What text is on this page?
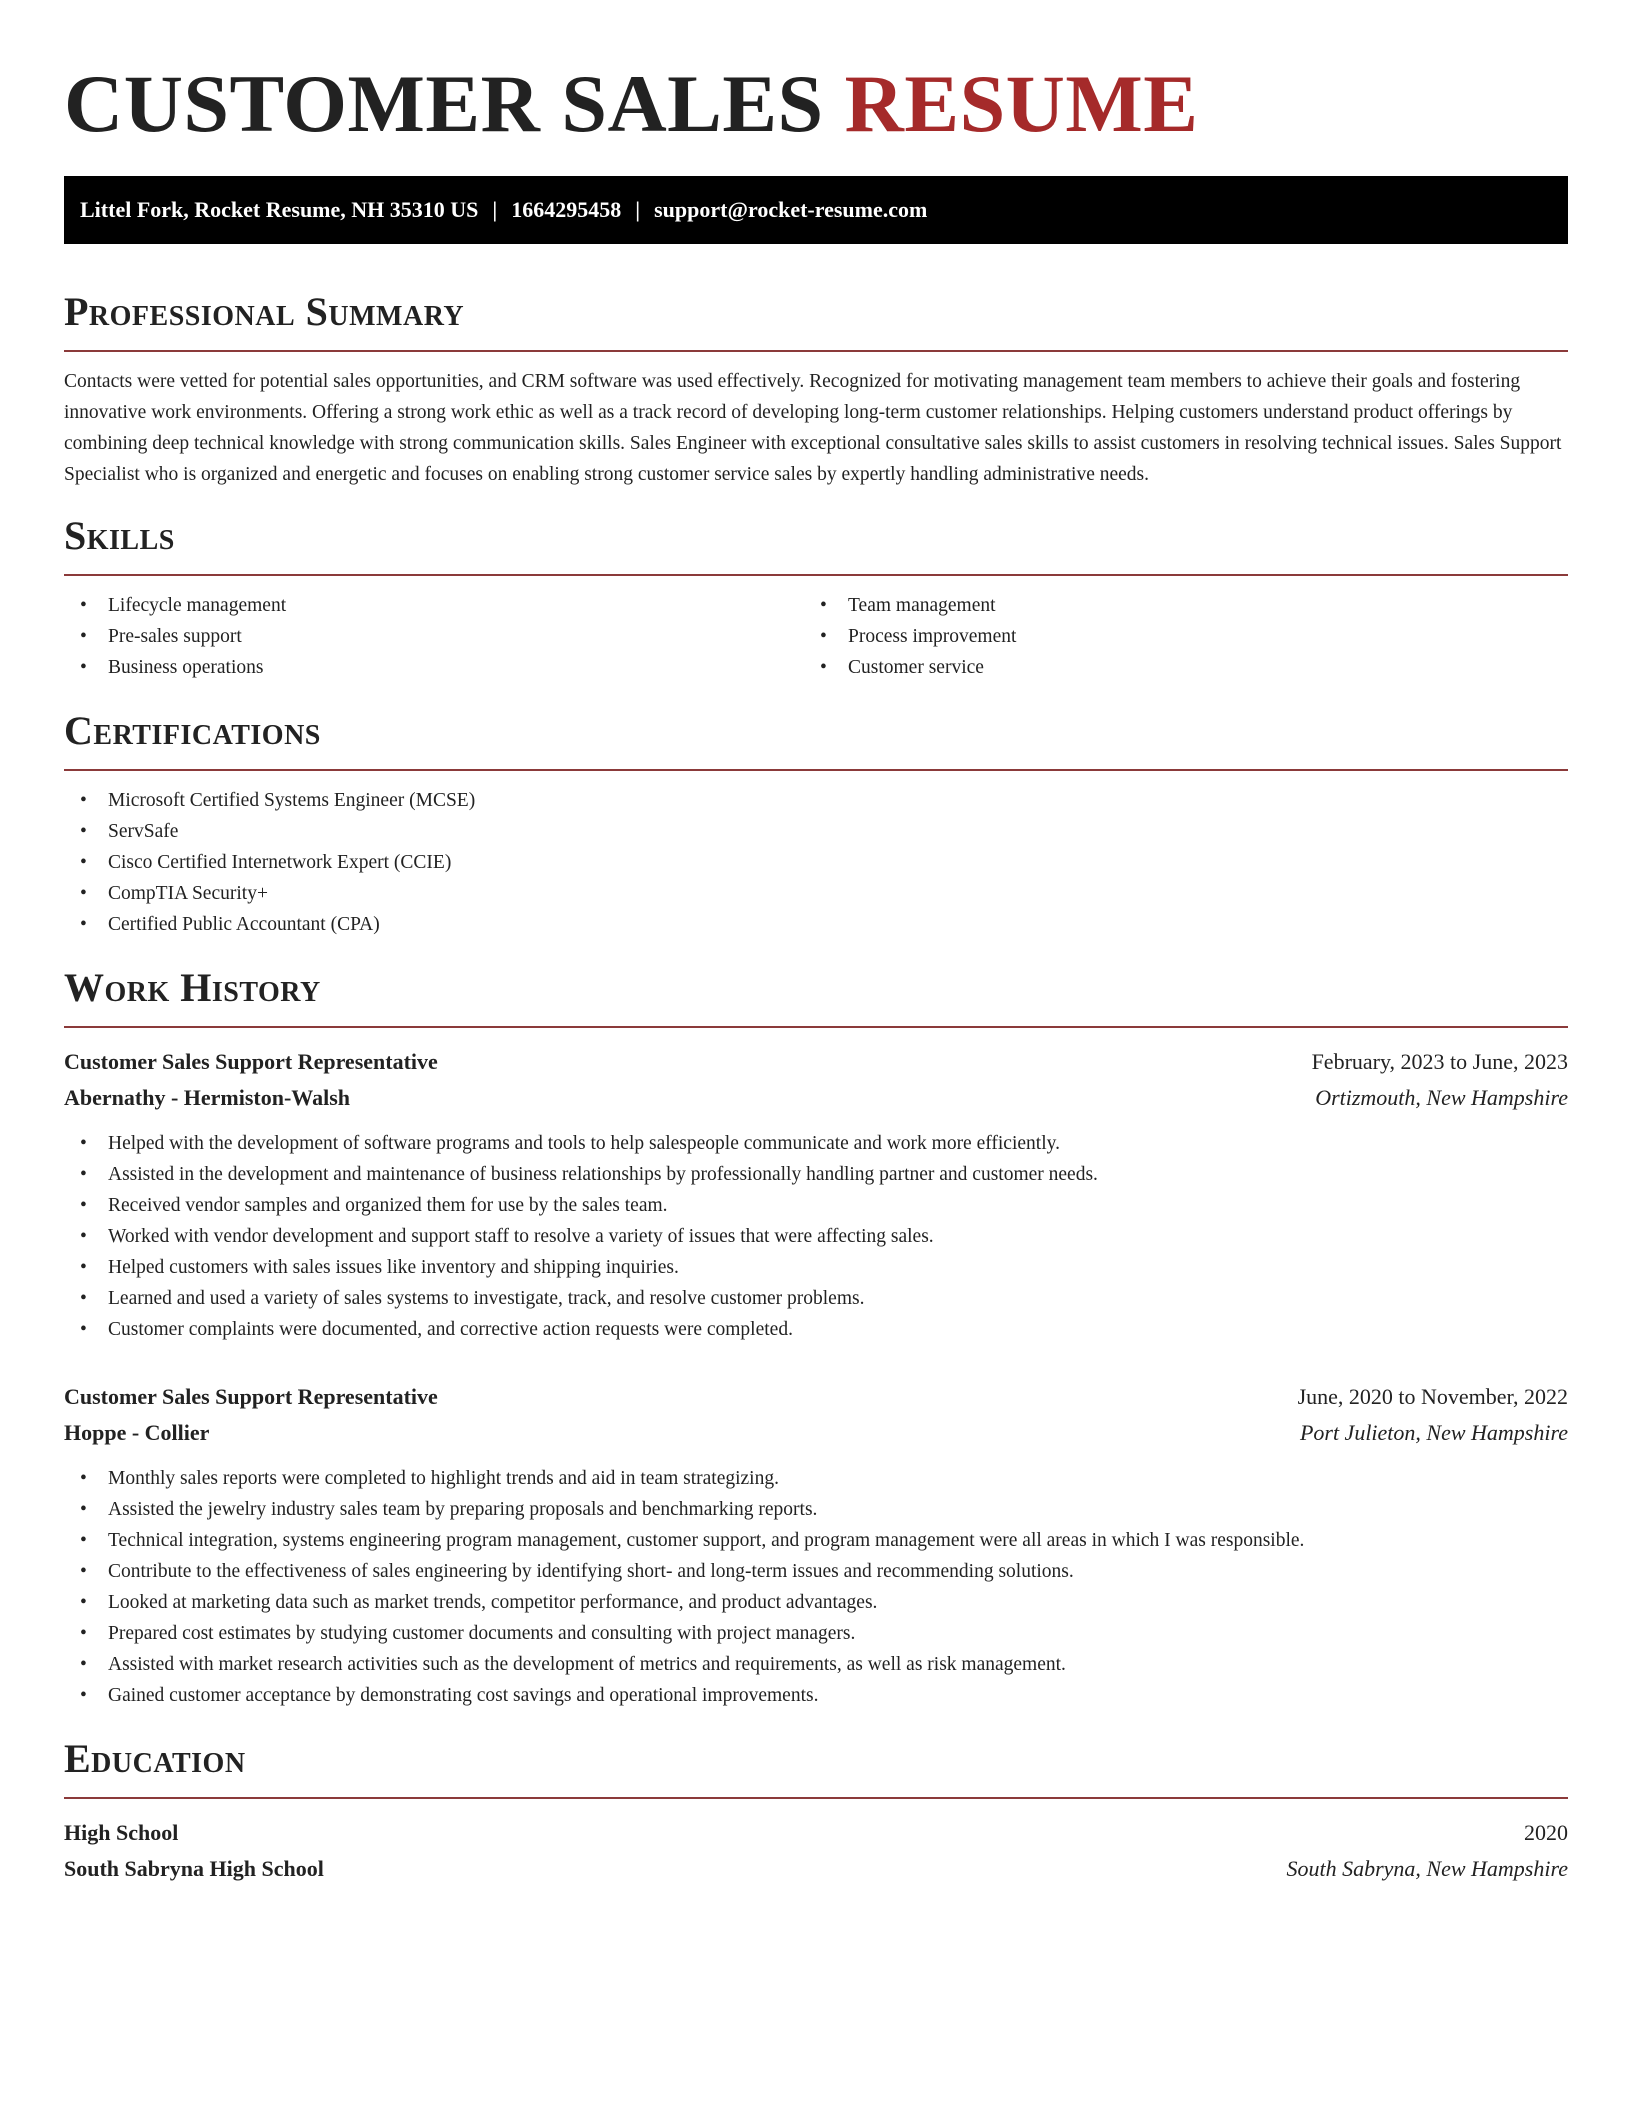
CUSTOMER SALES RESUME
Littel Fork, Rocket Resume, NH 35310 US | 1664295458 | support@rocket-resume.com
Professional Summary

Contacts were vetted for potential sales opportunities, and CRM software was used effectively. Recognized for motivating management team members to achieve their goals and fostering innovative work environments. Offering a strong work ethic as well as a track record of developing long-term customer relationships. Helping customers understand product offerings by combining deep technical knowledge with strong communication skills. Sales Engineer with exceptional consultative sales skills to assist customers in resolving technical issues. Sales Support Specialist who is organized and energetic and focuses on enabling strong customer service sales by expertly handling administrative needs.

Skills
• Lifecycle management
• Pre-sales support
• Business operations
• Team management
• Process improvement
• Customer service
Certifications
• Microsoft Certified Systems Engineer (MCSE)
• ServSafe
• Cisco Certified Internetwork Expert (CCIE)
• CompTIA Security+
• Certified Public Accountant (CPA)
Work History
Customer Sales Support Representative	February, 2023 to June, 2023
Abernathy - Hermiston-Walsh	Ortizmouth, New Hampshire
• Helped with the development of software programs and tools to help salespeople communicate and work more efficiently.
• Assisted in the development and maintenance of business relationships by professionally handling partner and customer needs.
• Received vendor samples and organized them for use by the sales team.
• Worked with vendor development and support staff to resolve a variety of issues that were affecting sales.
• Helped customers with sales issues like inventory and shipping inquiries.
• Learned and used a variety of sales systems to investigate, track, and resolve customer problems.
• Customer complaints were documented, and corrective action requests were completed.
Customer Sales Support Representative	June, 2020 to November, 2022
Hoppe - Collier	Port Julieton, New Hampshire
• Monthly sales reports were completed to highlight trends and aid in team strategizing.
• Assisted the jewelry industry sales team by preparing proposals and benchmarking reports.
• Technical integration, systems engineering program management, customer support, and program management were all areas in which I was responsible.
• Contribute to the effectiveness of sales engineering by identifying short- and long-term issues and recommending solutions.
• Looked at marketing data such as market trends, competitor performance, and product advantages.
• Prepared cost estimates by studying customer documents and consulting with project managers.
• Assisted with market research activities such as the development of metrics and requirements, as well as risk management.
• Gained customer acceptance by demonstrating cost savings and operational improvements.
Education
High School	2020
South Sabryna High School	South Sabryna, New Hampshire
